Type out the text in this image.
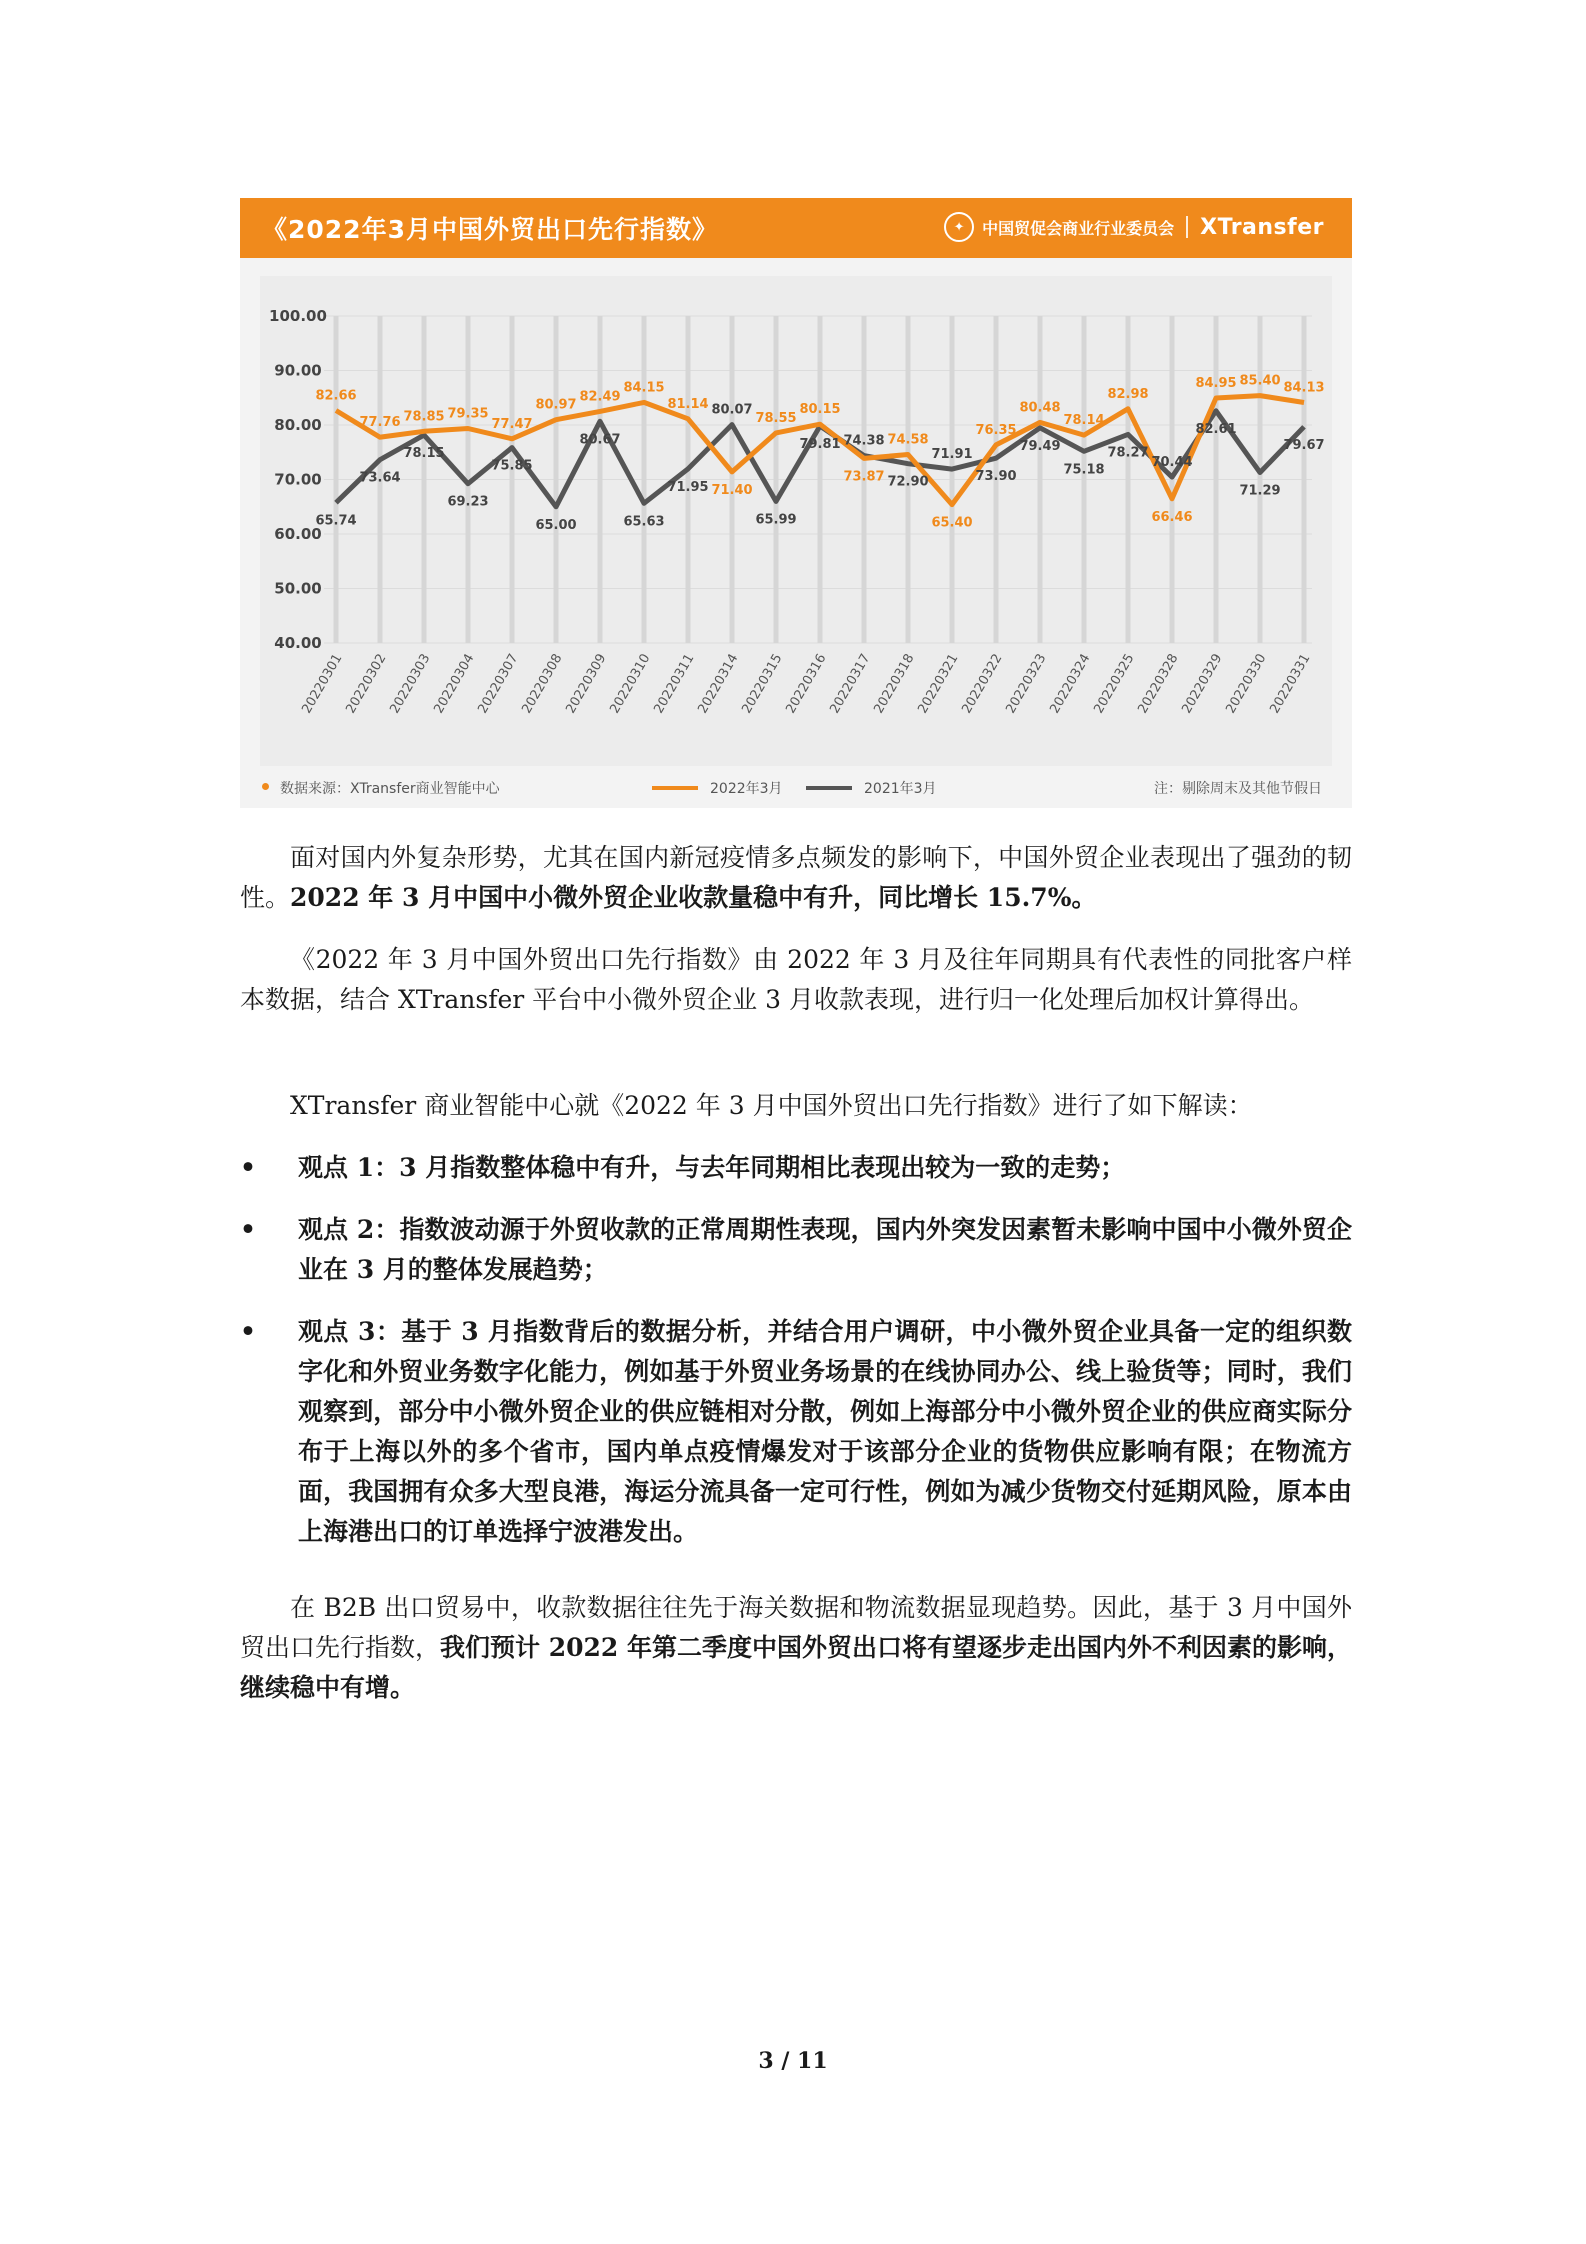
《2022年3月中国外贸出口先行指数》	✦	中国贸促会商业行业委员会 XTransfer
100.00
90.00
80.00
70.00
60.00
50.00
40.00
20220301
20220302
20220303
20220304
20220307
20220308
20220309
20220310
20220311
20220314
20220315
20220316
20220317
20220318
20220321
20220322
20220323
20220324
20220325
20220328
20220329
20220330
20220331
82.66
77.76 78.85 79.35
77.47
80.97
82.49
84.15
81.14
71.40
78.55
80.15
73.87
74.58
65.40
76.35
80.48
78.14
82.98
66.46
84.95 85.40 84.13
65.74
73.64
78.15
69.23
75.85
65.00
80.67
65.63
71.95
80.07
65.99
79.81 74.38
72.90
71.91
73.90
79.49
75.18
78.27
70.44
82.61
71.29
79.67
数据来源：XTransfer商业智能中心	2022年3月	2021年3月	注：剔除周末及其他节假日
面对国内外复杂形势，尤其在国内新冠疫情多点频发的影响下，中国外贸企业表现出了强劲的韧性。2022 年 3 月中国中小微外贸企业收款量稳中有升，同比增长 15.7%。
《2022 年 3 月中国外贸出口先行指数》由 2022 年 3 月及往年同期具有代表性的同批客户样本数据，结合 XTransfer 平台中小微外贸企业 3 月收款表现，进行归一化处理后加权计算得出。
XTransfer 商业智能中心就《2022 年 3 月中国外贸出口先行指数》进行了如下解读：
• 观点 1：3 月指数整体稳中有升，与去年同期相比表现出较为一致的走势；
• 观点 2：指数波动源于外贸收款的正常周期性表现，国内外突发因素暂未影响中国中小微外贸企业在 3 月的整体发展趋势；
• 观点 3：基于 3 月指数背后的数据分析，并结合用户调研，中小微外贸企业具备一定的组织数字化和外贸业务数字化能力，例如基于外贸业务场景的在线协同办公、线上验货等；同时，我们观察到，部分中小微外贸企业的供应链相对分散，例如上海部分中小微外贸企业的供应商实际分布于上海以外的多个省市，国内单点疫情爆发对于该部分企业的货物供应影响有限；在物流方面，我国拥有众多大型良港，海运分流具备一定可行性，例如为减少货物交付延期风险，原本由上海港出口的订单选择宁波港发出。
在 B2B 出口贸易中，收款数据往往先于海关数据和物流数据显现趋势。因此，基于 3 月中国外贸出口先行指数，我们预计 2022 年第二季度中国外贸出口将有望逐步走出国内外不利因素的影响，继续稳中有增。
3 / 11
